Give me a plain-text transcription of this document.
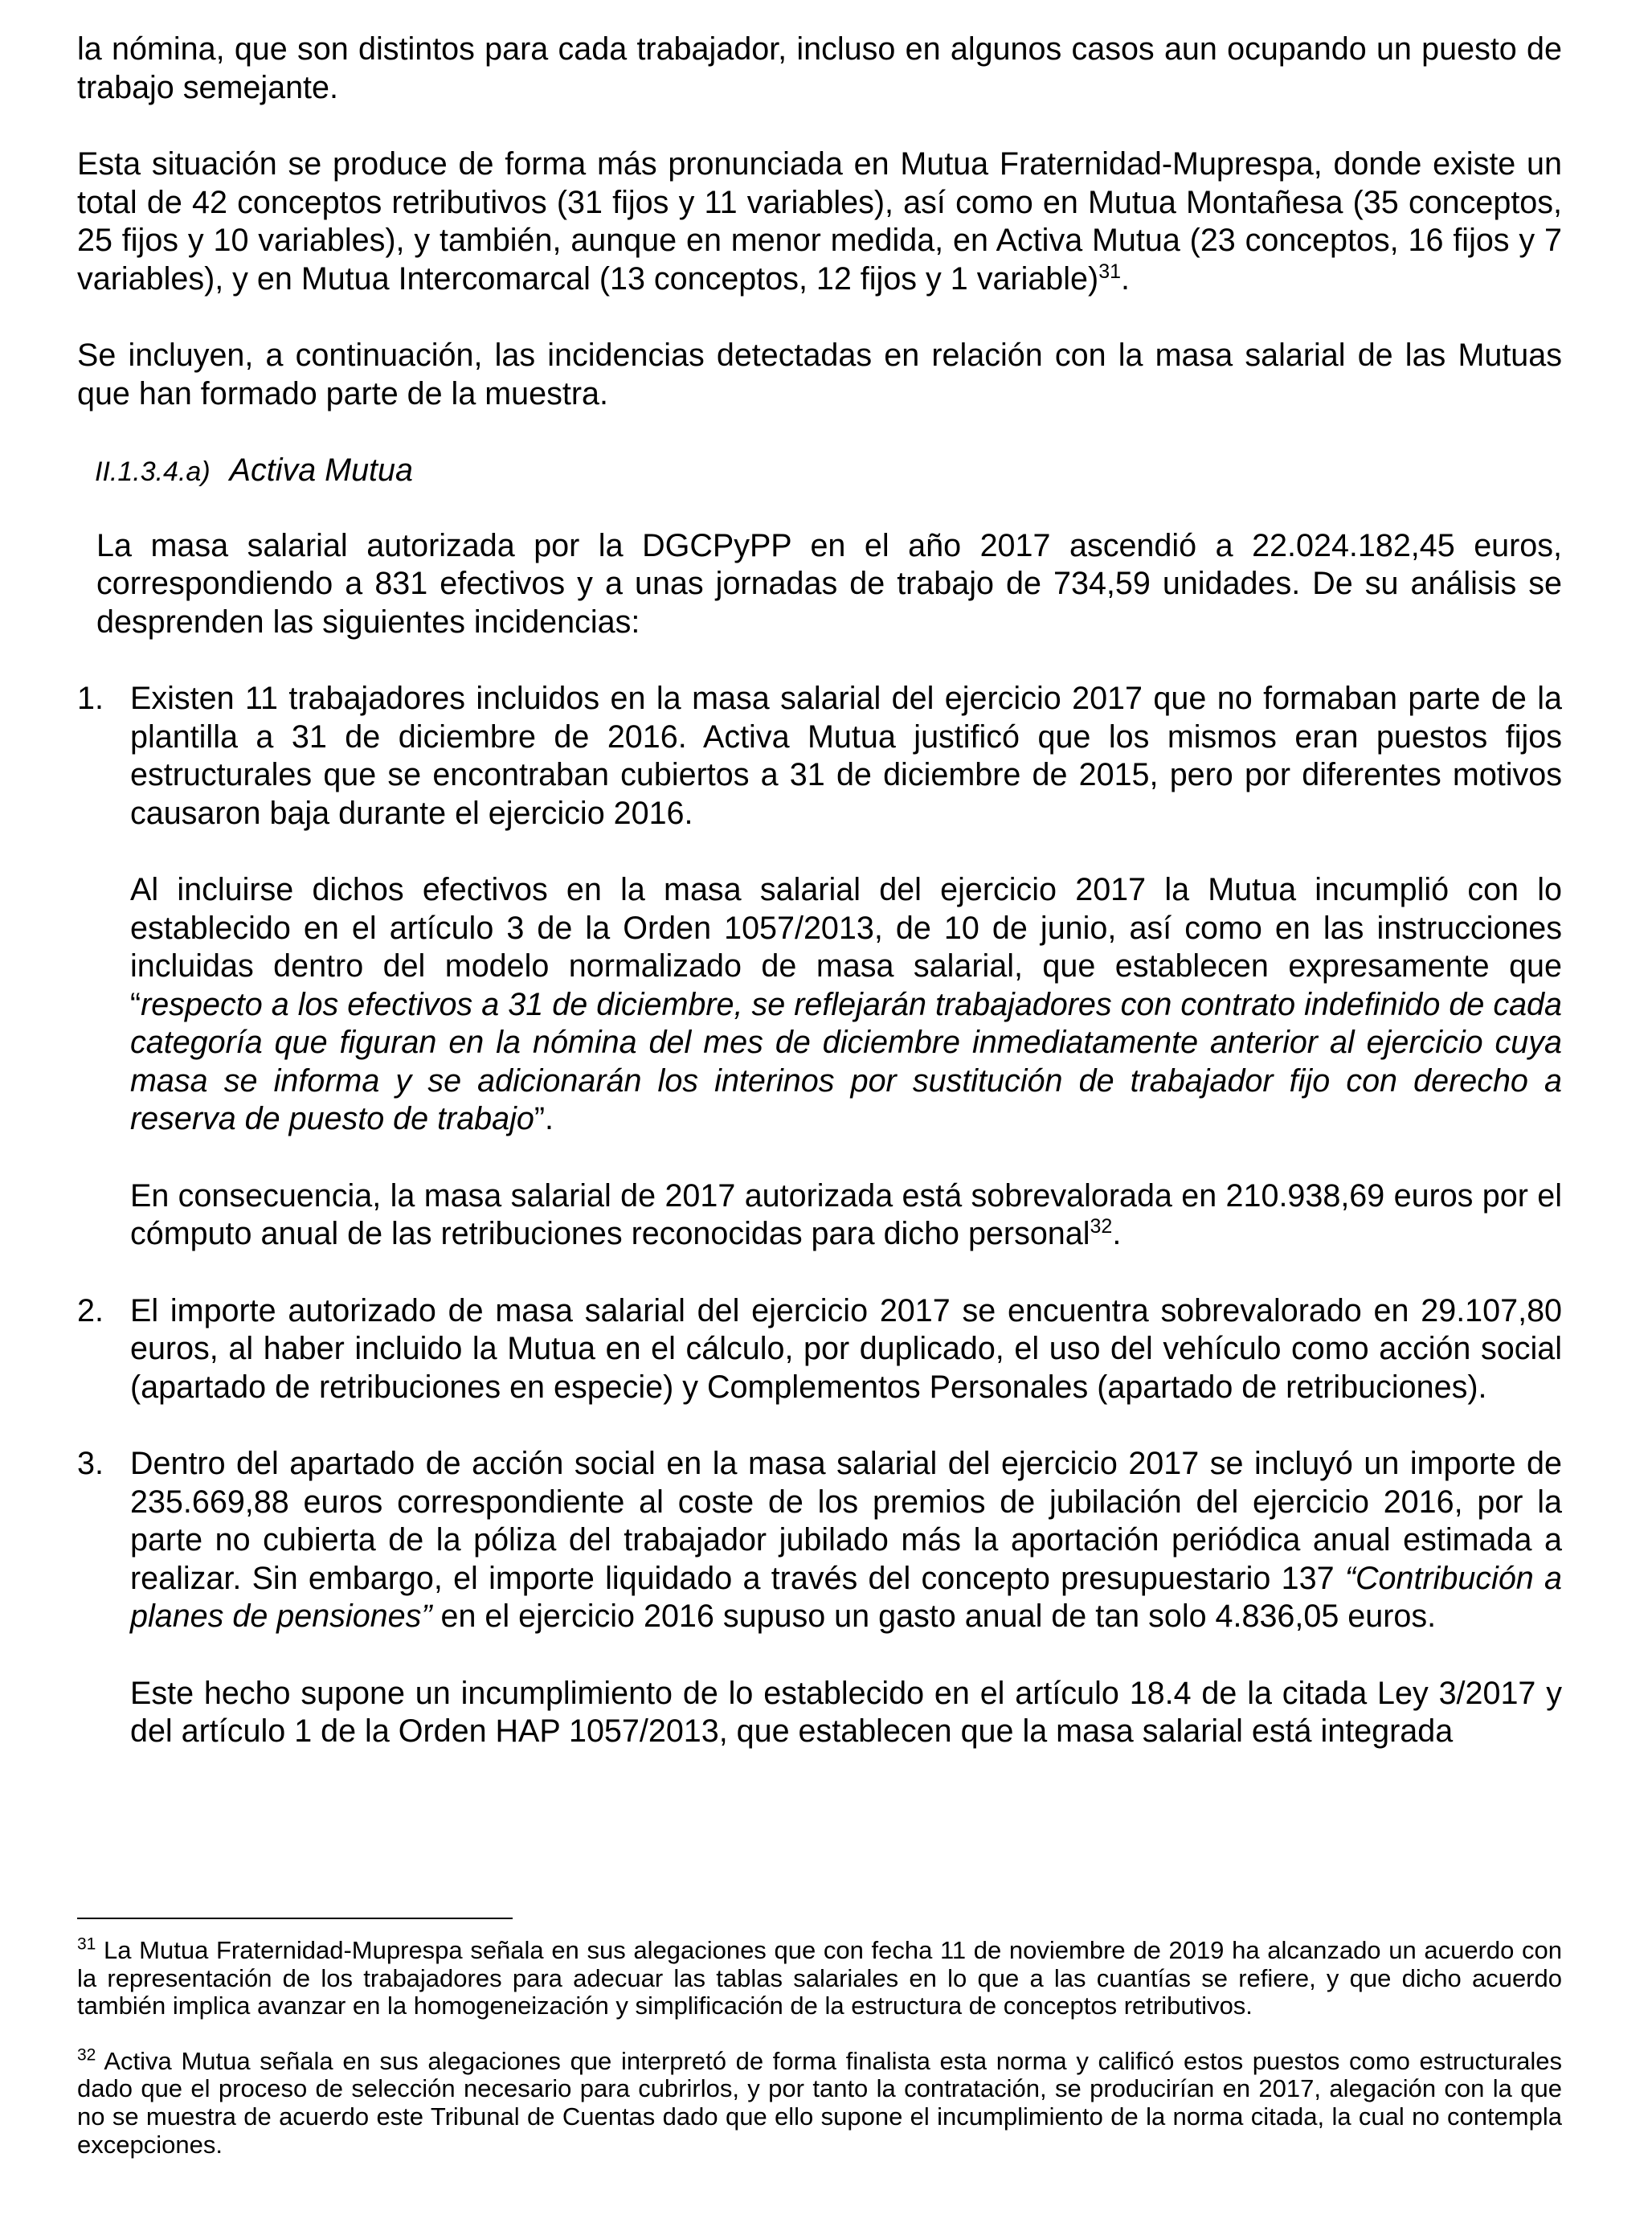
la nómina, que son distintos para cada trabajador, incluso en algunos casos aun ocupando un puesto de trabajo semejante.

Esta situación se produce de forma más pronunciada en Mutua Fraternidad-Muprespa, donde existe un total de 42 conceptos retributivos (31 fijos y 11 variables), así como en Mutua Montañesa (35 conceptos, 25 fijos y 10 variables), y también, aunque en menor medida, en Activa Mutua (23 conceptos, 16 fijos y 7 variables), y en Mutua Intercomarcal (13 conceptos, 12 fijos y 1 variable)$^{31}$.

Se incluyen, a continuación, las incidencias detectadas en relación con la masa salarial de las Mutuas que han formado parte de la muestra.

II.1.3.4.a) Activa Mutua

La masa salarial autorizada por la DGCPyPP en el año 2017 ascendió a 22.024.182,45 euros, correspondiendo a 831 efectivos y a unas jornadas de trabajo de 734,59 unidades. De su análisis se desprenden las siguientes incidencias:

1. Existen 11 trabajadores incluidos en la masa salarial del ejercicio 2017 que no formaban parte de la plantilla a 31 de diciembre de 2016. Activa Mutua justificó que los mismos eran puestos fijos estructurales que se encontraban cubiertos a 31 de diciembre de 2015, pero por diferentes motivos causaron baja durante el ejercicio 2016.

Al incluirse dichos efectivos en la masa salarial del ejercicio 2017 la Mutua incumplió con lo establecido en el artículo 3 de la Orden 1057/2013, de 10 de junio, así como en las instrucciones incluidas dentro del modelo normalizado de masa salarial, que establecen expresamente que “respecto a los efectivos a 31 de diciembre, se reflejarán trabajadores con contrato indefinido de cada categoría que figuran en la nómina del mes de diciembre inmediatamente anterior al ejercicio cuya masa se informa y se adicionarán los interinos por sustitución de trabajador fijo con derecho a reserva de puesto de trabajo”.

En consecuencia, la masa salarial de 2017 autorizada está sobrevalorada en 210.938,69 euros por el cómputo anual de las retribuciones reconocidas para dicho personal$^{32}$.

2. El importe autorizado de masa salarial del ejercicio 2017 se encuentra sobrevalorado en 29.107,80 euros, al haber incluido la Mutua en el cálculo, por duplicado, el uso del vehículo como acción social (apartado de retribuciones en especie) y Complementos Personales (apartado de retribuciones).

3. Dentro del apartado de acción social en la masa salarial del ejercicio 2017 se incluyó un importe de 235.669,88 euros correspondiente al coste de los premios de jubilación del ejercicio 2016, por la parte no cubierta de la póliza del trabajador jubilado más la aportación periódica anual estimada a realizar. Sin embargo, el importe liquidado a través del concepto presupuestario 137 “Contribución a planes de pensiones” en el ejercicio 2016 supuso un gasto anual de tan solo 4.836,05 euros.

Este hecho supone un incumplimiento de lo establecido en el artículo 18.4 de la citada Ley 3/2017 y del artículo 1 de la Orden HAP 1057/2013, que establecen que la masa salarial está integrada

$^{31}$ La Mutua Fraternidad-Muprespa señala en sus alegaciones que con fecha 11 de noviembre de 2019 ha alcanzado un acuerdo con la representación de los trabajadores para adecuar las tablas salariales en lo que a las cuantías se refiere, y que dicho acuerdo también implica avanzar en la homogeneización y simplificación de la estructura de conceptos retributivos.

$^{32}$ Activa Mutua señala en sus alegaciones que interpretó de forma finalista esta norma y calificó estos puestos como estructurales dado que el proceso de selección necesario para cubrirlos, y por tanto la contratación, se producirían en 2017, alegación con la que no se muestra de acuerdo este Tribunal de Cuentas dado que ello supone el incumplimiento de la norma citada, la cual no contempla excepciones.
